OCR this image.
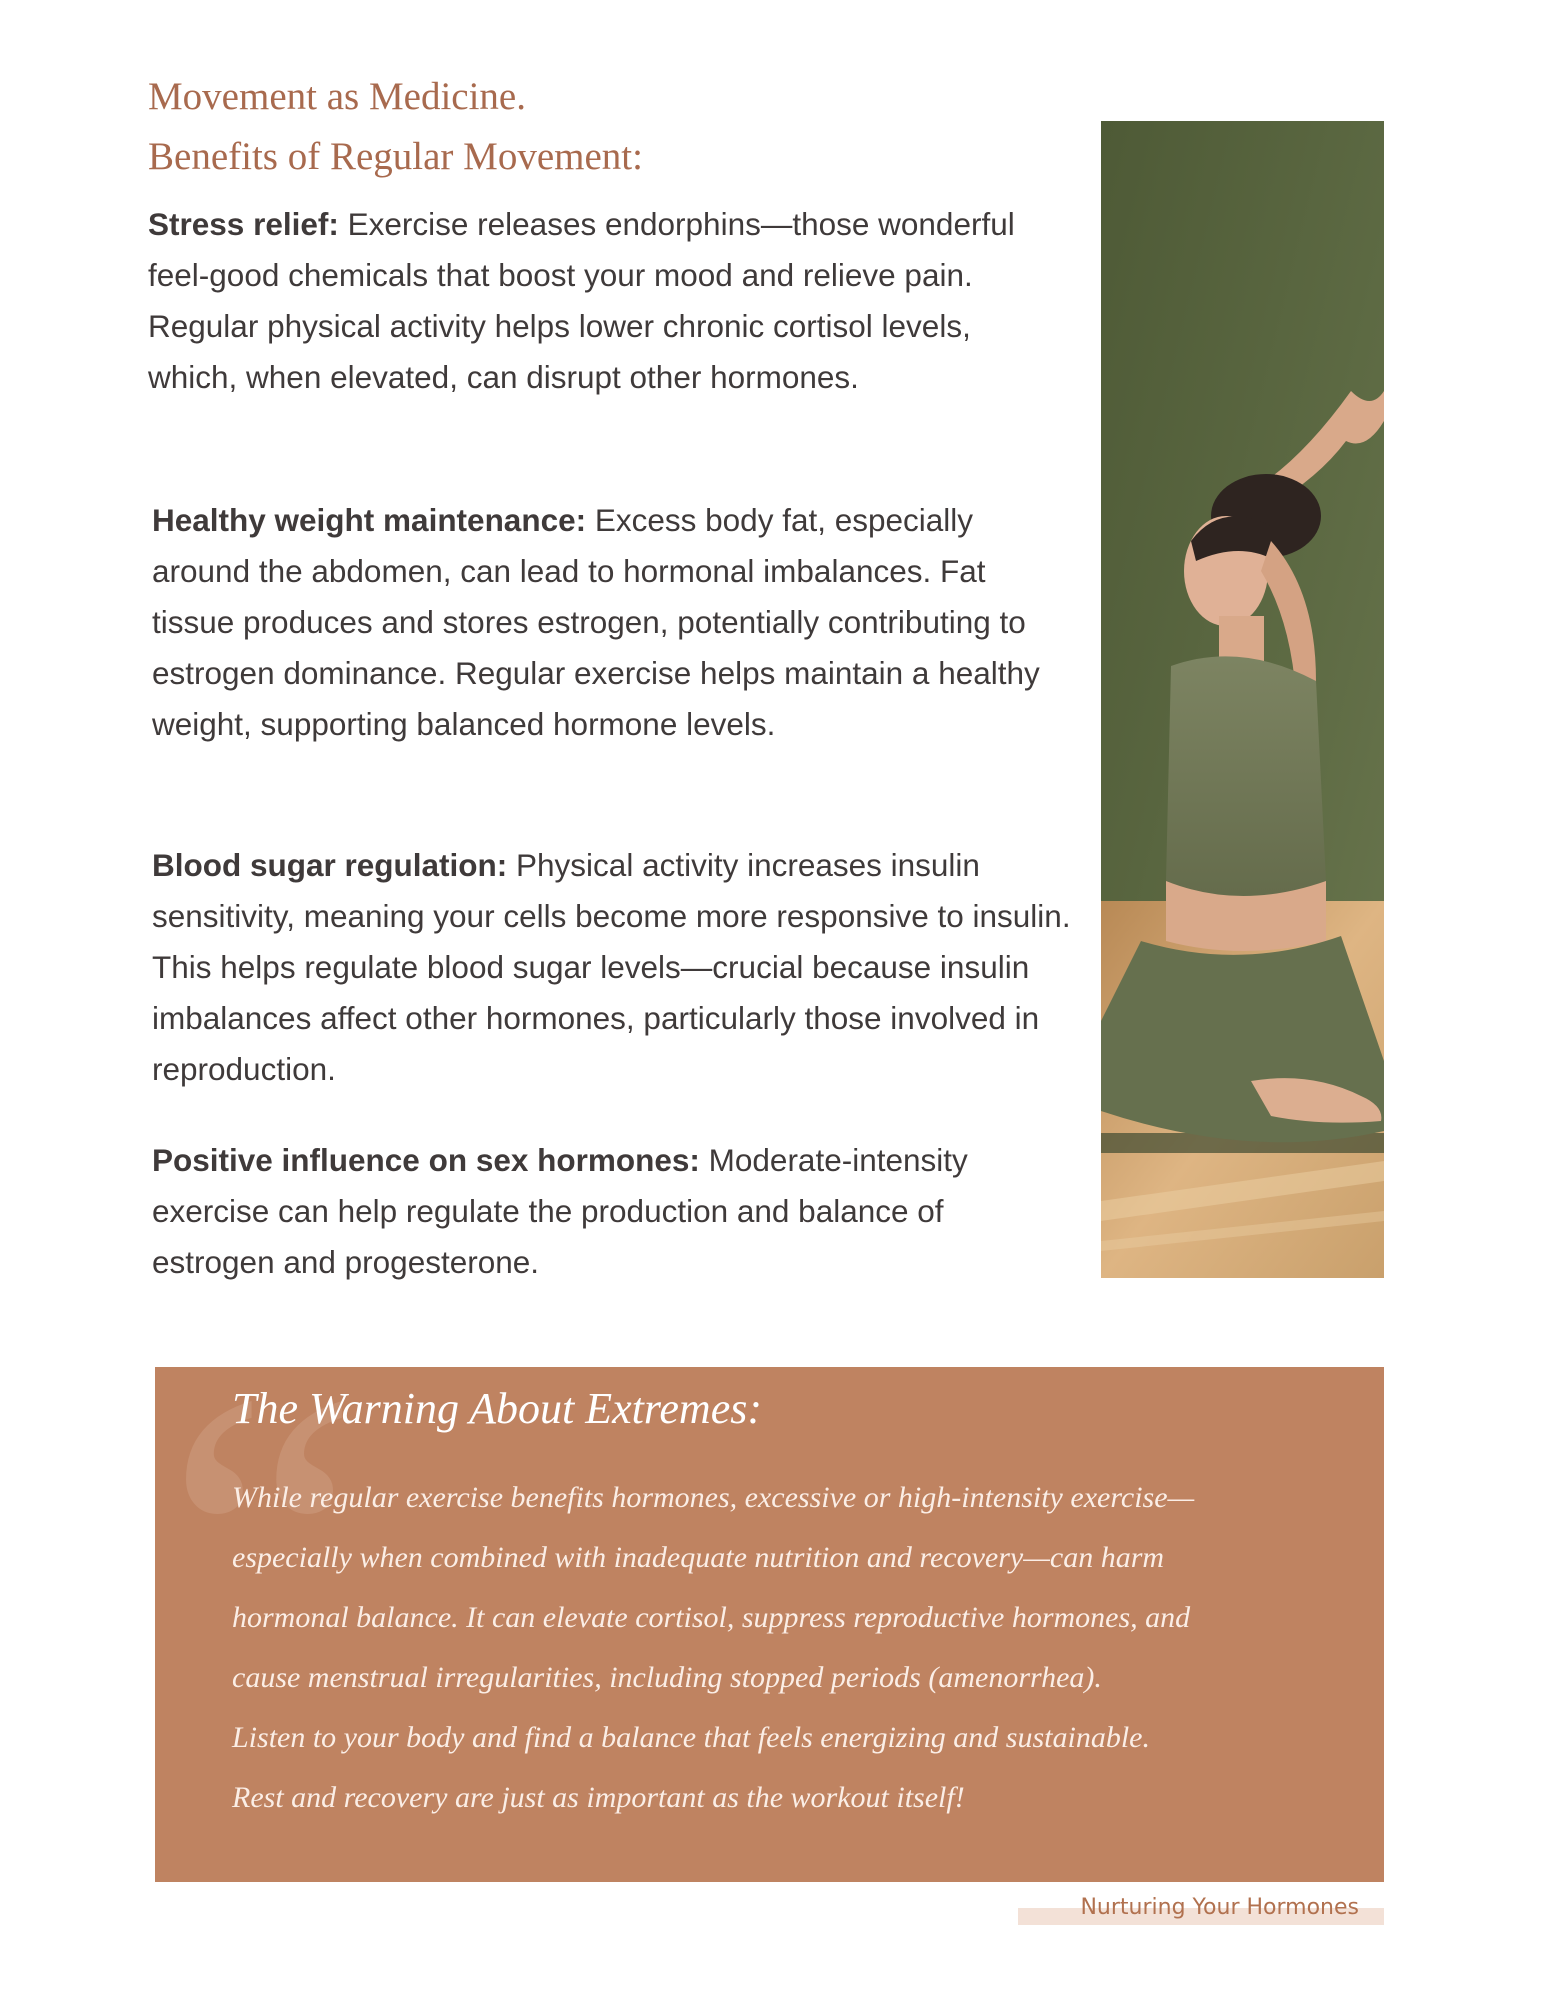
Movement as Medicine.
Benefits of Regular Movement:

Stress relief: Exercise releases endorphins—those wonderful feel-good chemicals that boost your mood and relieve pain. Regular physical activity helps lower chronic cortisol levels, which, when elevated, can disrupt other hormones.

Healthy weight maintenance: Excess body fat, especially around the abdomen, can lead to hormonal imbalances. Fat tissue produces and stores estrogen, potentially contributing to estrogen dominance. Regular exercise helps maintain a healthy weight, supporting balanced hormone levels.

Blood sugar regulation: Physical activity increases insulin sensitivity, meaning your cells become more responsive to insulin. This helps regulate blood sugar levels—crucial because insulin imbalances affect other hormones, particularly those involved in reproduction.

Positive influence on sex hormones: Moderate-intensity exercise can help regulate the production and balance of estrogen and progesterone.

“
The Warning About Extremes:
While regular exercise benefits hormones, excessive or high-intensity exercise—
especially when combined with inadequate nutrition and recovery—can harm
hormonal balance. It can elevate cortisol, suppress reproductive hormones, and
cause menstrual irregularities, including stopped periods (amenorrhea).
Listen to your body and find a balance that feels energizing and sustainable.
Rest and recovery are just as important as the workout itself!
Nurturing Your Hormones
